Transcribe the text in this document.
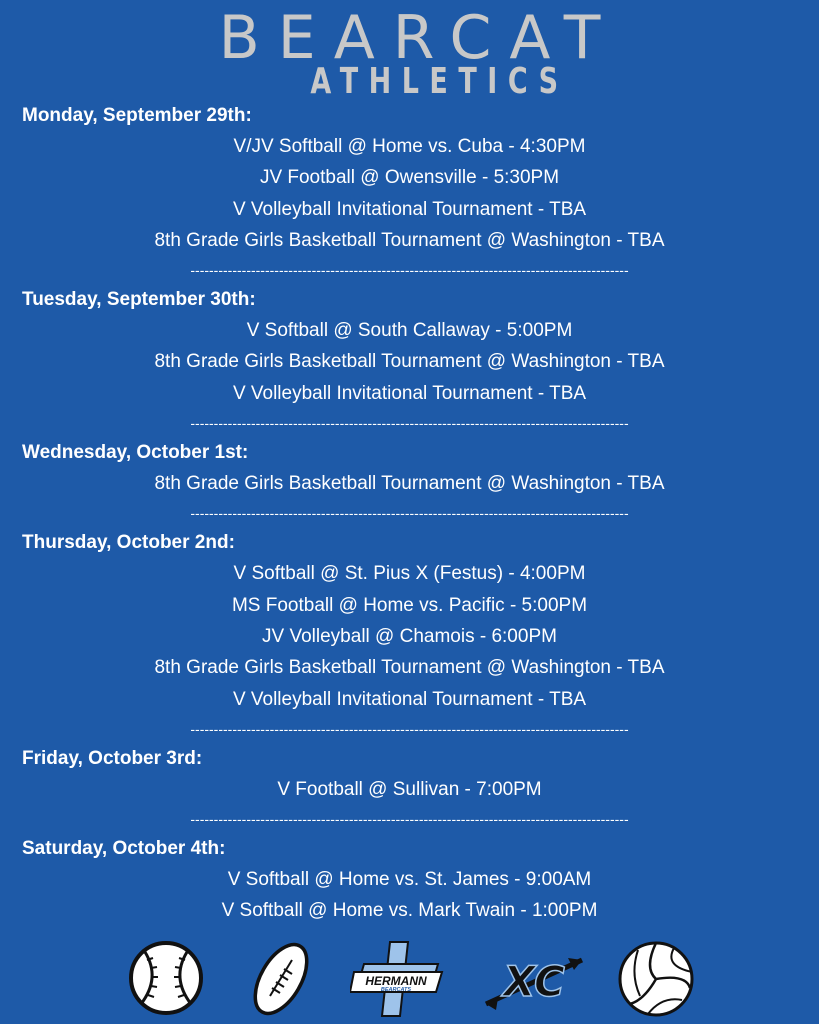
BEARCAT
ATHLETICS
Monday, September 29th:
V/JV Softball @ Home vs. Cuba - 4:30PM
JV Football @ Owensville - 5:30PM
V Volleyball Invitational Tournament - TBA
8th Grade Girls Basketball Tournament @ Washington - TBA
----------------------------------------------------------------------------------------------
Tuesday, September 30th:
V Softball @ South Callaway - 5:00PM
8th Grade Girls Basketball Tournament @ Washington - TBA
V Volleyball Invitational Tournament - TBA
----------------------------------------------------------------------------------------------
Wednesday, October 1st:
8th Grade Girls Basketball Tournament @ Washington - TBA
----------------------------------------------------------------------------------------------
Thursday, October 2nd:
V Softball @ St. Pius X (Festus) - 4:00PM
MS Football @ Home vs. Pacific - 5:00PM
JV Volleyball @ Chamois - 6:00PM
8th Grade Girls Basketball Tournament @ Washington - TBA
V Volleyball Invitational Tournament - TBA
----------------------------------------------------------------------------------------------
Friday, October 3rd:
V Football @ Sullivan - 7:00PM
----------------------------------------------------------------------------------------------
Saturday, October 4th:
V Softball @ Home vs. St. James - 9:00AM
V Softball @ Home vs. Mark Twain - 1:00PM
HERMANN
BEARCATS XC
